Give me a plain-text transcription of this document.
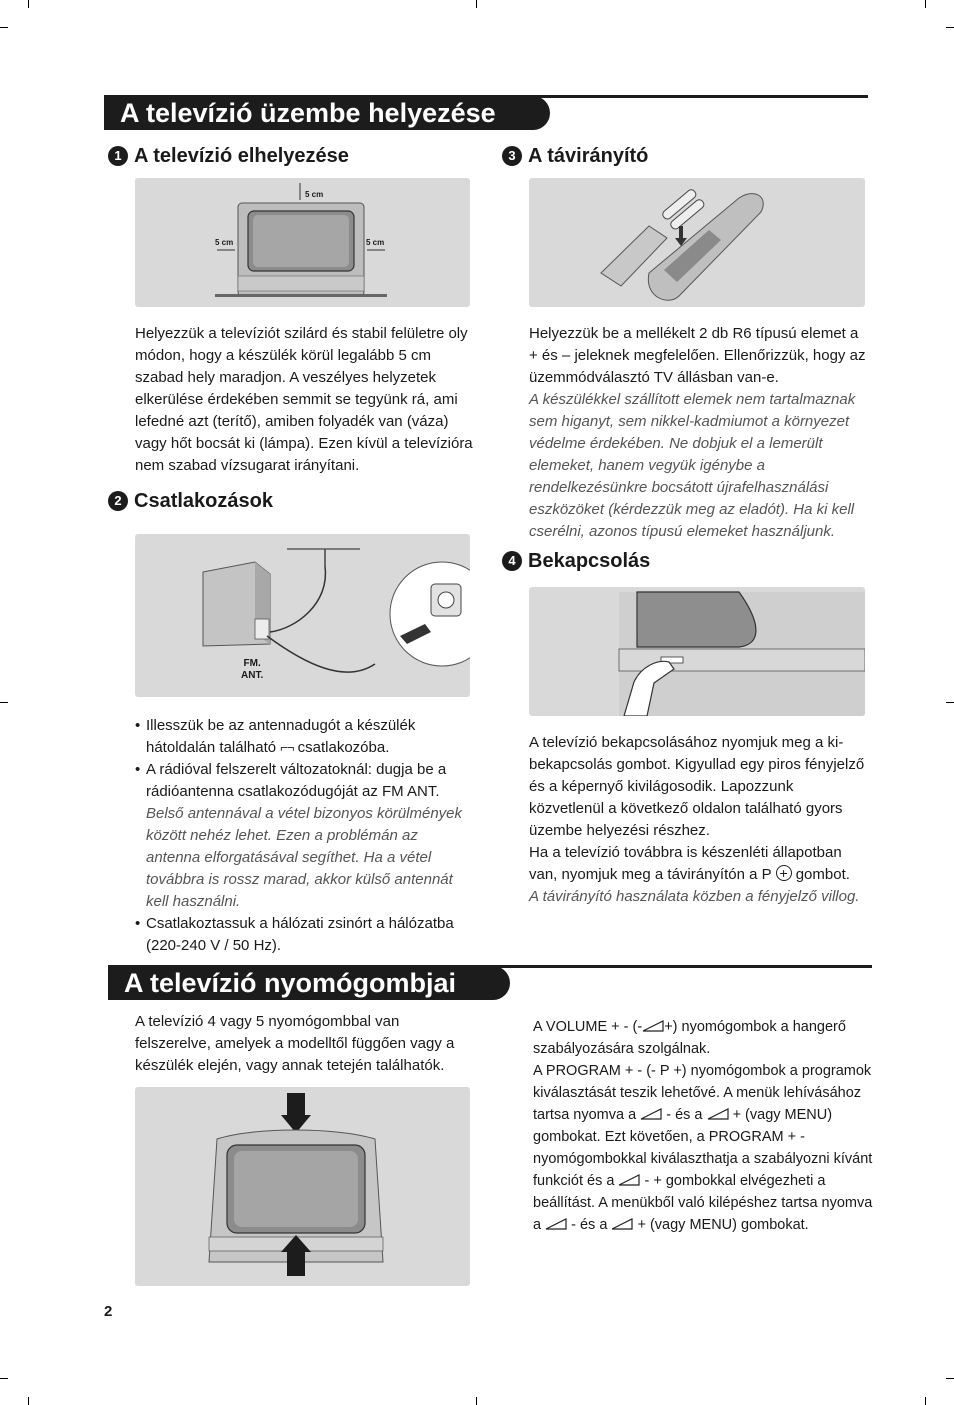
A televízió üzembe helyezése
1 A televízió elhelyezése
5 cm
5 cm	5 cm
Helyezzük a televíziót szilárd és stabil felületre oly módon, hogy a készülék körül legalább 5 cm szabad hely maradjon. A veszélyes helyzetek elkerülése érdekében semmit se tegyünk rá, ami lefedné azt (terítő), amiben folyadék van (váza) vagy hőt bocsát ki (lámpa). Ezen kívül a televízióra nem szabad vízsugarat irányítani.
2 Csatlakozások
FM.
ANT.
• Illesszük be az antennadugót a készülék hátoldalán található ⌐¬ csatlakozóba.
• A rádióval felszerelt változatoknál: dugja be a rádióantenna csatlakozódugóját az FM ANT.
Belső antennával a vétel bizonyos körülmények között nehéz lehet. Ezen a problémán az antenna elforgatásával segíthet. Ha a vétel továbbra is rossz marad, akkor külső antennát kell használni.
• Csatlakoztassuk a hálózati zsinórt a hálózatba (220-240 V / 50 Hz).
3 A távirányító

Helyezzük be a mellékelt 2 db R6 típusú elemet a + és – jeleknek megfelelően. Ellenőrizzük, hogy az üzemmódválasztó TV állásban van-e.

A készülékkel szállított elemek nem tartalmaznak sem higanyt, sem nikkel-kadmiumot a környezet védelme érdekében. Ne dobjuk el a lemerült elemeket, hanem vegyük igénybe a rendelkezésünkre bocsátott újrafelhasználási eszközöket (kérdezzük meg az eladót). Ha ki kell cserélni, azonos típusú elemeket használjunk.

4 Bekapcsolás

A televízió bekapcsolásához nyomjuk meg a ki-bekapcsolás gombot. Kigyullad egy piros fényjelző és a képernyő kivilágosodik. Lapozzunk közvetlenül a következő oldalon található gyors üzembe helyezési részhez.

Ha a televízió továbbra is készenléti állapotban van, nyomjuk meg a távirányítón a P + gombot.

A távirányító használata közben a fényjelző villog.

A televízió nyomógombjai
A televízió 4 vagy 5 nyomógombbal van felszerelve, amelyek a modelltől függően vagy a készülék elején, vagy annak tetején találhatók.

A VOLUME + - (- +) nyomógombok a hangerő szabályozására szolgálnak.

A PROGRAM + - (- P +) nyomógombok a programok kiválasztását teszik lehetővé. A menük lehívásához tartsa nyomva a - és a + (vagy MENU) gombokat. Ezt követően, a PROGRAM + - nyomógombokkal kiválaszthatja a szabályozni kívánt funkciót és a - + gombokkal elvégezheti a beállítást. A menükből való kilépéshez tartsa nyomva a - és a + (vagy MENU) gombokat.

2
